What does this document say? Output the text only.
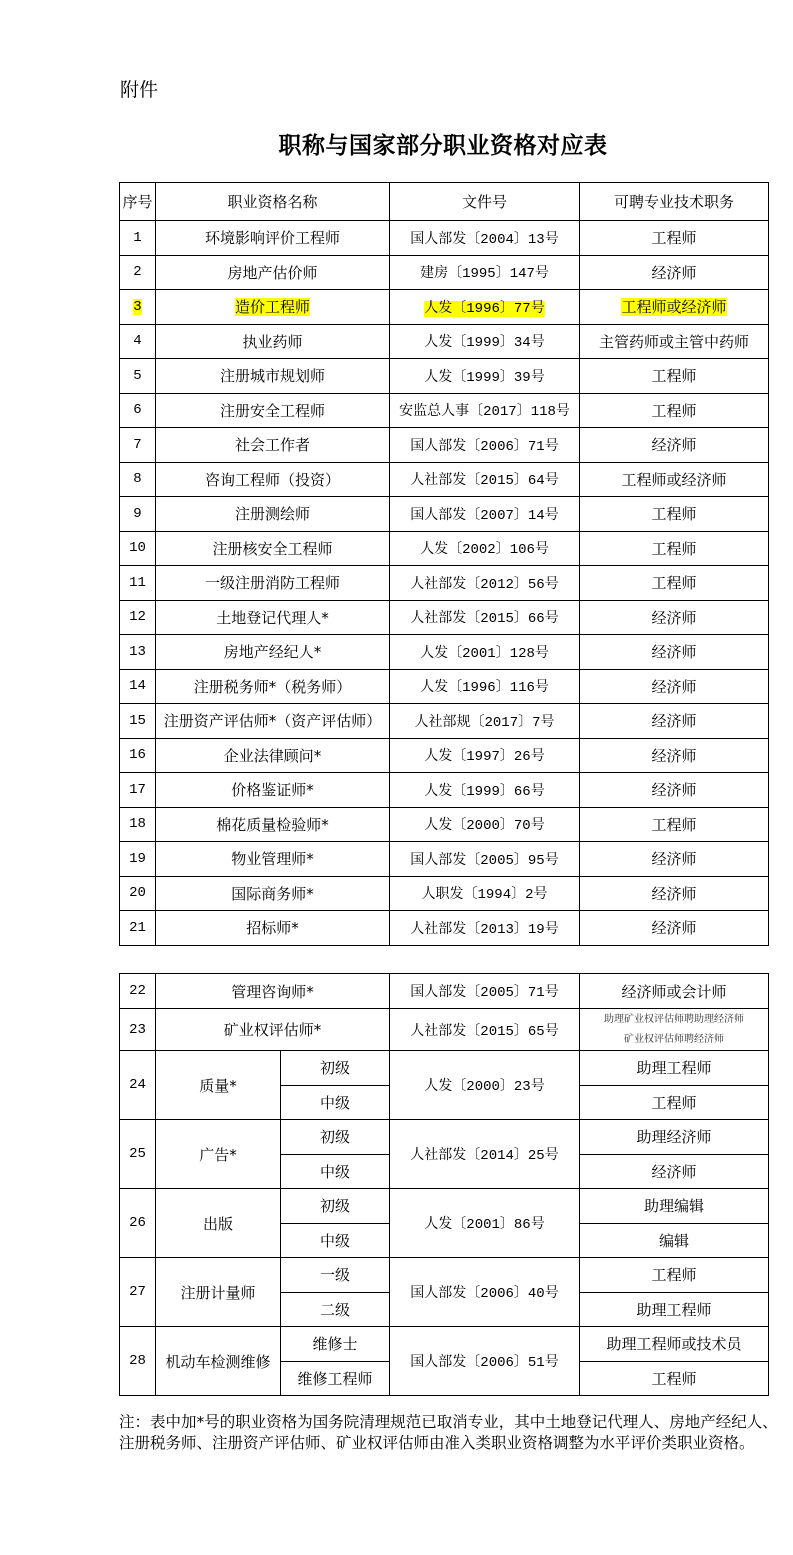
附件
职称与国家部分职业资格对应表
序号	职业资格名称	文件号	可聘专业技术职务
1	环境影响评价工程师	国人部发〔2004〕13号	工程师
2	房地产估价师	建房〔1995〕147号	经济师
3	造价工程师	人发〔1996〕77号	工程师或经济师
4	执业药师	人发〔1999〕34号	主管药师或主管中药师
5	注册城市规划师	人发〔1999〕39号	工程师
6	注册安全工程师	安监总人事〔2017〕118号	工程师
7	社会工作者	国人部发〔2006〕71号	经济师
8	咨询工程师（投资）	人社部发〔2015〕64号	工程师或经济师
9	注册测绘师	国人部发〔2007〕14号	工程师
10	注册核安全工程师	人发〔2002〕106号	工程师
11	一级注册消防工程师	人社部发〔2012〕56号	工程师
12	土地登记代理人*	人社部发〔2015〕66号	经济师
13	房地产经纪人*	人发〔2001〕128号	经济师
14	注册税务师*（税务师）	人发〔1996〕116号	经济师
15	注册资产评估师*（资产评估师）	人社部规〔2017〕7号	经济师
16	企业法律顾问*	人发〔1997〕26号	经济师
17	价格鉴证师*	人发〔1999〕66号	经济师
18	棉花质量检验师*	人发〔2000〕70号	工程师
19	物业管理师*	国人部发〔2005〕95号	经济师
20	国际商务师*	人职发〔1994〕2号	经济师
21	招标师*	人社部发〔2013〕19号	经济师
22	管理咨询师*		国人部发〔2005〕71号	经济师或会计师
23	矿业权评估师*		人社部发〔2015〕65号	助理矿业权评估师聘助理经济师
矿业权评估师聘经济师

24	质量*	初级	人发〔2000〕23号	助理工程师
		中级		工程师
25	广告*	初级	人社部发〔2014〕25号	助理经济师
		中级		经济师
26	出版	初级	人发〔2001〕86号	助理编辑
		中级		编辑
27	注册计量师	一级	国人部发〔2006〕40号	工程师
		二级		助理工程师
28	机动车检测维修	维修士	国人部发〔2006〕51号	助理工程师或技术员
		维修工程师		工程师
注：表中加*号的职业资格为国务院清理规范已取消专业，其中土地登记代理人、房地产经纪人、注册税务师、注册资产评估师、矿业权评估师由准入类职业资格调整为水平评价类职业资格。
